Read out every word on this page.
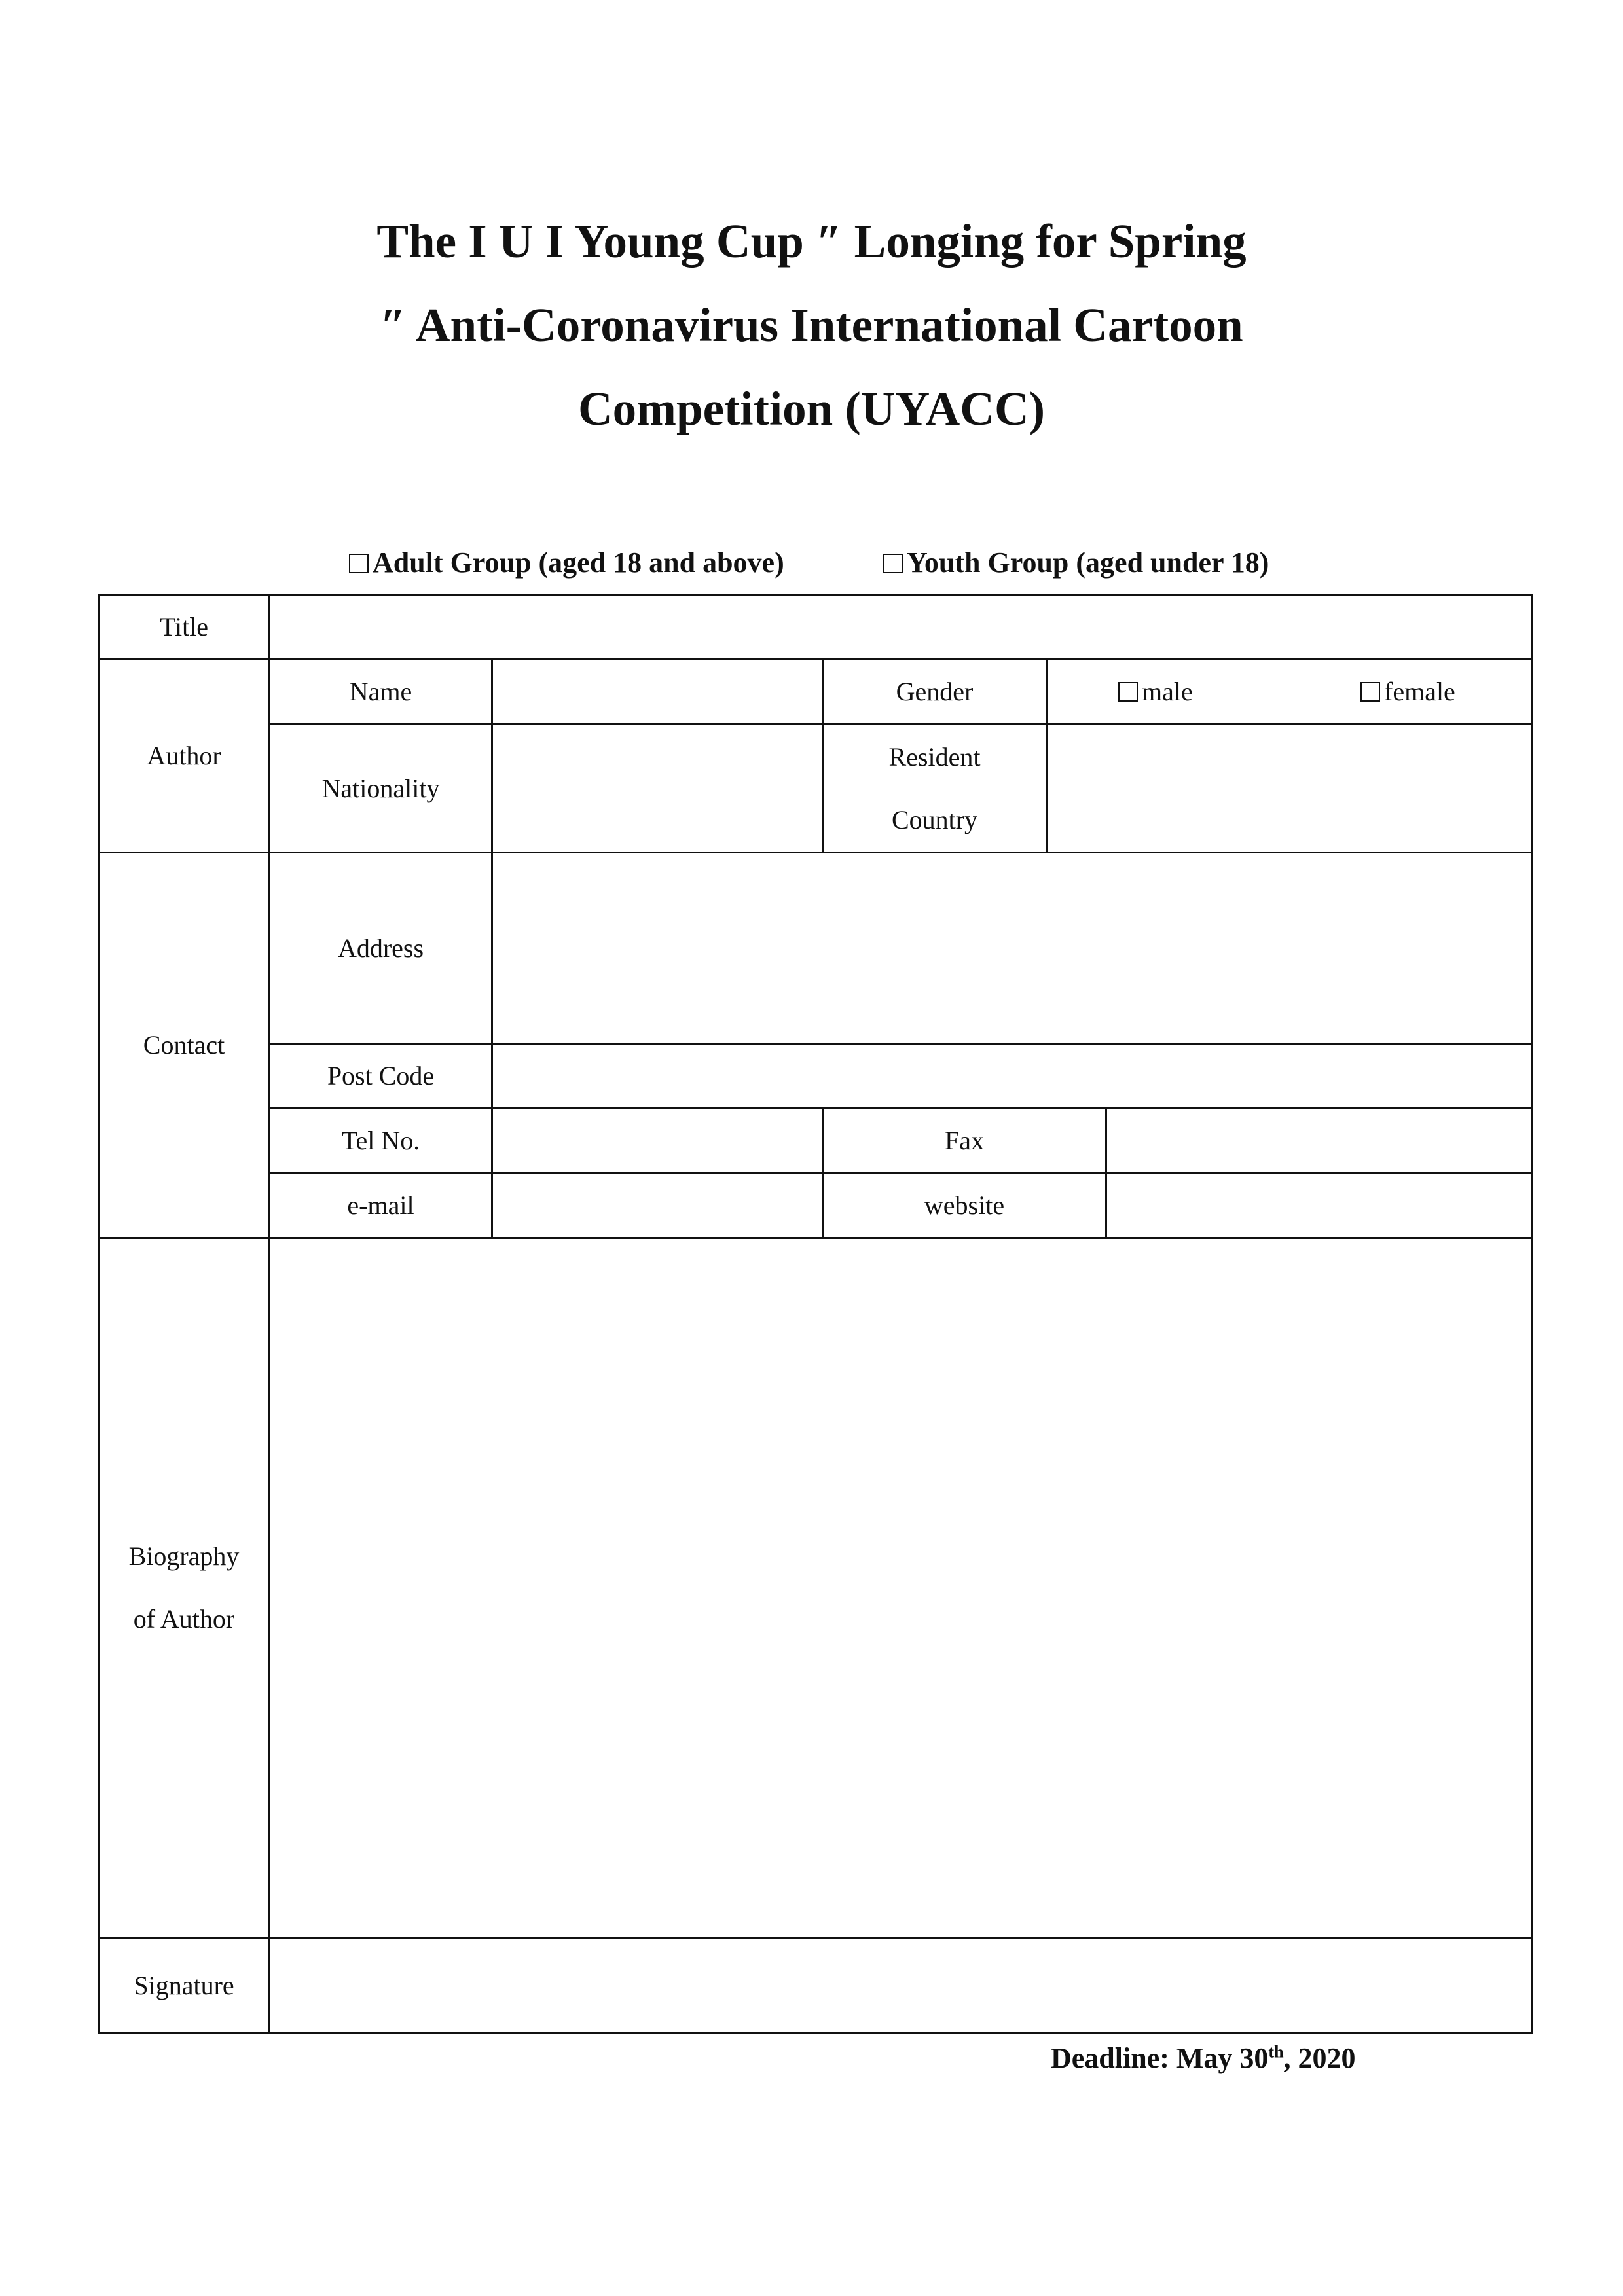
The I U I Young Cup ″ Longing for Spring
″ Anti-Coronavirus International Cartoon
Competition (UYACC)
Adult Group (aged 18 and above)	Youth Group (aged under 18)
Title					
Author	Name		Gender	male female	

	Nationality		Resident
Country		
Contact	Address				
	Post Code				
	Tel No.		Fax		
	e-mail		website		
Biography
of Author					
Signature					
Deadline: May 30th, 2020
